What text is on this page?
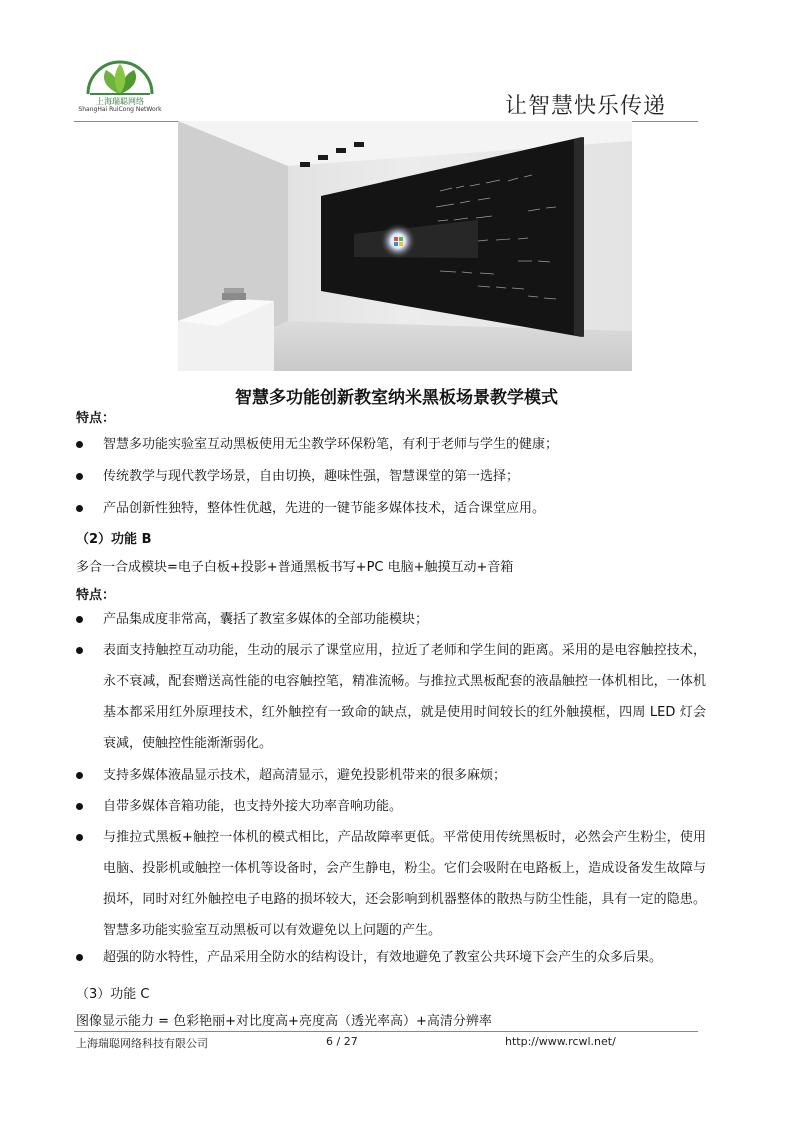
上海瑞聪网络
ShangHai RuiCong NetWork	让智慧快乐传递
智慧多功能创新教室纳米黑板场景教学模式
特点：
智慧多功能实验室互动黑板使用无尘教学环保粉笔，有利于老师与学生的健康；
传统教学与现代教学场景，自由切换，趣味性强，智慧课堂的第一选择；
产品创新性独特，整体性优越，先进的一键节能多媒体技术，适合课堂应用。
（2）功能 B
多合一合成模块=电子白板+投影+普通黑板书写+PC 电脑+触摸互动+音箱
特点：
产品集成度非常高，囊括了教室多媒体的全部功能模块；
表面支持触控互动功能，生动的展示了课堂应用，拉近了老师和学生间的距离。采用的是电容触控技术，永不衰减，配套赠送高性能的电容触控笔，精准流畅。与推拉式黑板配套的液晶触控一体机相比，一体机基本都采用红外原理技术，红外触控有一致命的缺点，就是使用时间较长的红外触摸框，四周 LED 灯会衰减，使触控性能渐渐弱化。
支持多媒体液晶显示技术，超高清显示，避免投影机带来的很多麻烦；
自带多媒体音箱功能，也支持外接大功率音响功能。
与推拉式黑板+触控一体机的模式相比，产品故障率更低。平常使用传统黑板时，必然会产生粉尘，使用电脑、投影机或触控一体机等设备时，会产生静电，粉尘。它们会吸附在电路板上，造成设备发生故障与损坏，同时对红外触控电子电路的损坏较大，还会影响到机器整体的散热与防尘性能，具有一定的隐患。智慧多功能实验室互动黑板可以有效避免以上问题的产生。
超强的防水特性，产品采用全防水的结构设计，有效地避免了教室公共环境下会产生的众多后果。
（3）功能 C
图像显示能力 = 色彩艳丽+对比度高+亮度高（透光率高）+高清分辨率
上海瑞聪网络科技有限公司	6 / 27	http://www.rcwl.net/
